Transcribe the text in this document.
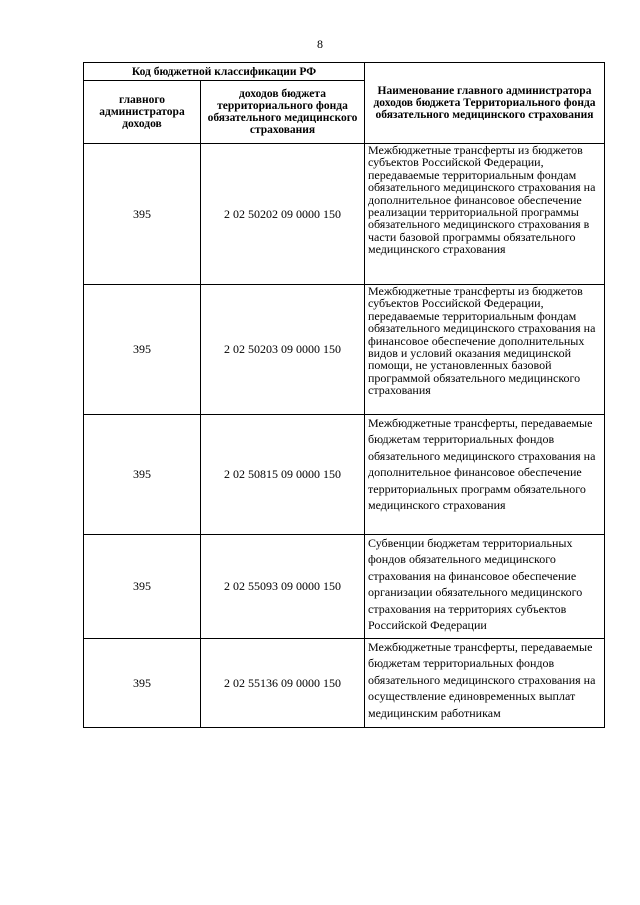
8
Код бюджетной классификации РФ		Наименование главного администратора доходов бюджета Территориального фонда обязательного медицинского страхования
главного администратора доходов	доходов бюджета территориального фонда обязательного медицинского страхования	
395	2 02 50202 09 0000 150	Межбюджетные трансферты из бюджетов субъектов Российской Федерации, передаваемые территориальным фондам обязательного медицинского страхования на дополнительное финансовое обеспечение реализации территориальной программы обязательного медицинского страхования в части базовой программы обязательного медицинского страхования

395	2 02 50203 09 0000 150	Межбюджетные трансферты из бюджетов субъектов Российской Федерации, передаваемые территориальным фондам обязательного медицинского страхования на финансовое обеспечение дополнительных видов и условий оказания медицинской помощи, не установленных базовой программой обязательного медицинского страхования

395	2 02 50815 09 0000 150	Межбюджетные трансферты, передаваемые бюджетам территориальных фондов обязательного медицинского страхования на дополнительное финансовое обеспечение территориальных программ обязательного медицинского страхования

395	2 02 55093 09 0000 150	Субвенции бюджетам территориальных фондов обязательного медицинского страхования на финансовое обеспечение организации обязательного медицинского страхования на территориях субъектов Российской Федерации

395	2 02 55136 09 0000 150	Межбюджетные трансферты, передаваемые бюджетам территориальных фондов обязательного медицинского страхования на осуществление единовременных выплат медицинским работникам
